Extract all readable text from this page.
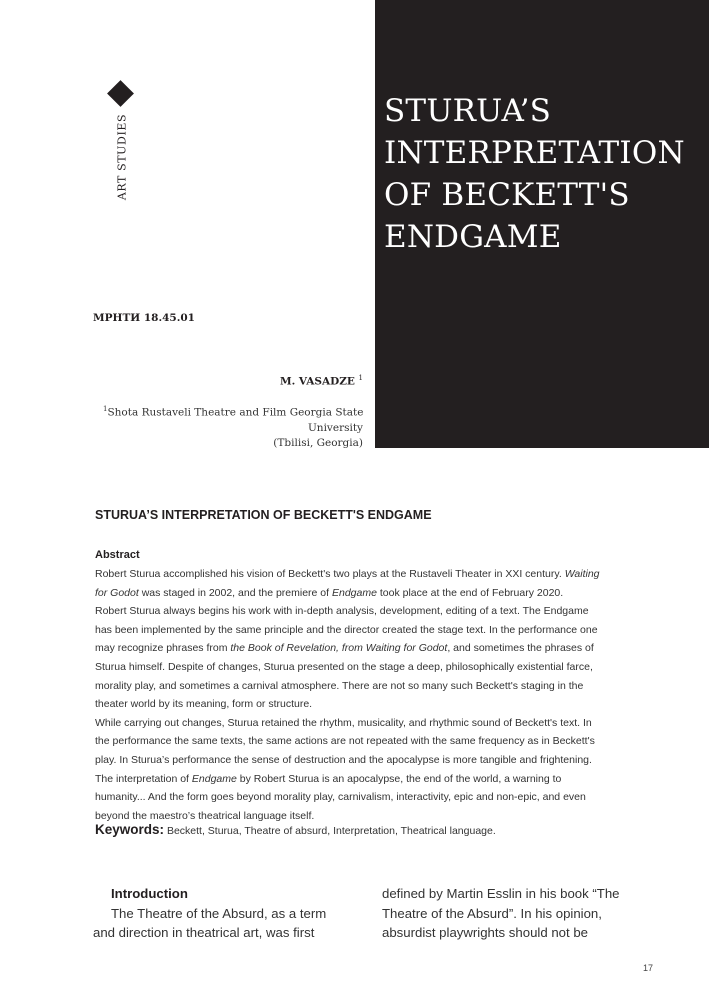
STURUA’S
INTERPRETATION
OF BECKETT'S
ENDGAME
ART STUDIES
МРНТИ 18.45.01
M. VASADZE $^1$
$^1$Shota Rustaveli Theatre and Film Georgia State
University
(Tbilisi, Georgia)
STURUA’S INTERPRETATION OF BECKETT'S ENDGAME
Abstract
Robert Sturua accomplished his vision of Beckett's two plays at the Rustaveli Theater in XXI century. Waiting
for Godot was staged in 2002, and the premiere of Endgame took place at the end of February 2020.
Robert Sturua always begins his work with in-depth analysis, development, editing of a text. The Endgame
has been implemented by the same principle and the director created the stage text. In the performance one
may recognize phrases from the Book of Revelation, from Waiting for Godot, and sometimes the phrases of
Sturua himself. Despite of changes, Sturua presented on the stage a deep, philosophically existential farce,
morality play, and sometimes a carnival atmosphere. There are not so many such Beckett's staging in the
theater world by its meaning, form or structure.
While carrying out changes, Sturua retained the rhythm, musicality, and rhythmic sound of Beckett's text. In
the performance the same texts, the same actions are not repeated with the same frequency as in Beckett's
play. In Sturua’s performance the sense of destruction and the apocalypse is more tangible and frightening.
The interpretation of Endgame by Robert Sturua is an apocalypse, the end of the world, a warning to
humanity... And the form goes beyond morality play, carnivalism, interactivity, epic and non-epic, and even
beyond the maestro’s theatrical language itself.
Keywords: Beckett, Sturua, Theatre of absurd, Interpretation, Theatrical language.
Introduction
The Theatre of the Absurd, as a term
and direction in theatrical art, was first
defined by Martin Esslin in his book “The
Theatre of the Absurd”. In his opinion,
absurdist playwrights should not be
17
